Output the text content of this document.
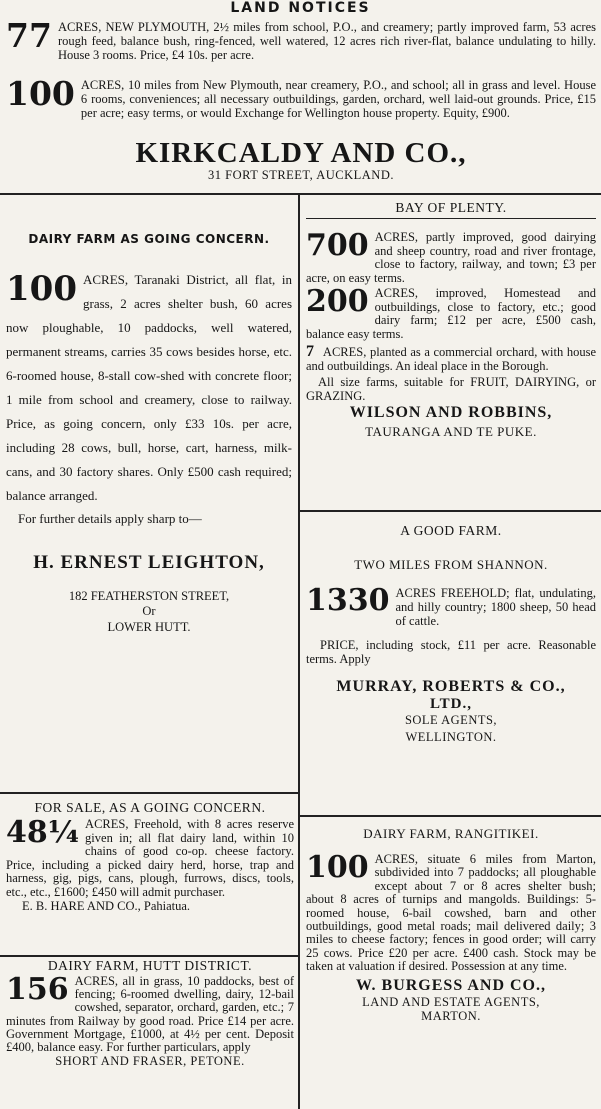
LAND NOTICES
77 ACRES, NEW PLYMOUTH, 2½ miles from school, P.O., and creamery; partly improved farm, 53 acres rough feed, balance bush, ring-fenced, well watered, 12 acres rich river-flat, balance undulating to hilly. House 3 rooms. Price, £4 10s. per acre.
100 ACRES, 10 miles from New Plymouth, near creamery, P.O., and school; all in grass and level. House 6 rooms, conveniences; all necessary outbuildings, garden, orchard, well laid-out grounds. Price, £15 per acre; easy terms, or would Exchange for Wellington house property. Equity, £900.
KIRKCALDY AND CO.,
31 FORT STREET, AUCKLAND.
DAIRY FARM AS GOING CONCERN.
100 ACRES, Taranaki District, all flat, in grass, 2 acres shelter bush, 60 acres now ploughable, 10 paddocks, well watered, permanent streams, carries 35 cows besides horse, etc. 6-roomed house, 8-stall cow-shed with concrete floor; 1 mile from school and creamery, close to railway. Price, as going concern, only £33 10s. per acre, including 28 cows, bull, horse, cart, harness, milk-cans, and 30 factory shares. Only £500 cash required; balance arranged.
For further details apply sharp to—
H. ERNEST LEIGHTON,
182 FEATHERSTON STREET,
Or
LOWER HUTT.
FOR SALE, AS A GOING CONCERN.
48¼ ACRES, Freehold, with 8 acres reserve given in; all flat dairy land, within 10 chains of good co-op. cheese factory. Price, including a picked dairy herd, horse, trap and harness, gig, pigs, cans, plough, furrows, discs, tools, etc., etc., £1600; £450 will admit purchaser.
E. B. HARE AND CO., Pahiatua.
DAIRY FARM, HUTT DISTRICT.
156 ACRES, all in grass, 10 paddocks, best of fencing; 6-roomed dwelling, dairy, 12-bail cowshed, separator, orchard, garden, etc.; 7 minutes from Railway by good road. Price £14 per acre. Government Mortgage, £1000, at 4½ per cent. Deposit £400, balance easy. For further particulars, apply
SHORT AND FRASER, PETONE.
BAY OF PLENTY.
700 ACRES, partly improved, good dairying and sheep country, road and river frontage, close to factory, railway, and town; £3 per acre, on easy terms.
200 ACRES, improved, Homestead and outbuildings, close to factory, etc.; good dairy farm; £12 per acre, £500 cash, balance easy terms.
7 ACRES, planted as a commercial orchard, with house and outbuildings. An ideal place in the Borough.
All size farms, suitable for FRUIT, DAIRYING, or GRAZING.
WILSON AND ROBBINS,
TAURANGA AND TE PUKE.
A GOOD FARM.
TWO MILES FROM SHANNON.
1330 ACRES FREEHOLD; flat, undulating, and hilly country; 1800 sheep, 50 head of cattle.
PRICE, including stock, £11 per acre. Reasonable terms. Apply
MURRAY, ROBERTS & CO.,
LTD.,
SOLE AGENTS,
WELLINGTON.
DAIRY FARM, RANGITIKEI.
100 ACRES, situate 6 miles from Marton, subdivided into 7 paddocks; all ploughable except about 7 or 8 acres shelter bush; about 8 acres of turnips and mangolds. Buildings: 5-roomed house, 6-bail cowshed, barn and other outbuildings, good metal roads; mail delivered daily; 3 miles to cheese factory; fences in good order; will carry 25 cows. Price £20 per acre. £400 cash. Stock may be taken at valuation if desired. Possession at any time.
W. BURGESS AND CO.,
LAND AND ESTATE AGENTS,
MARTON.
